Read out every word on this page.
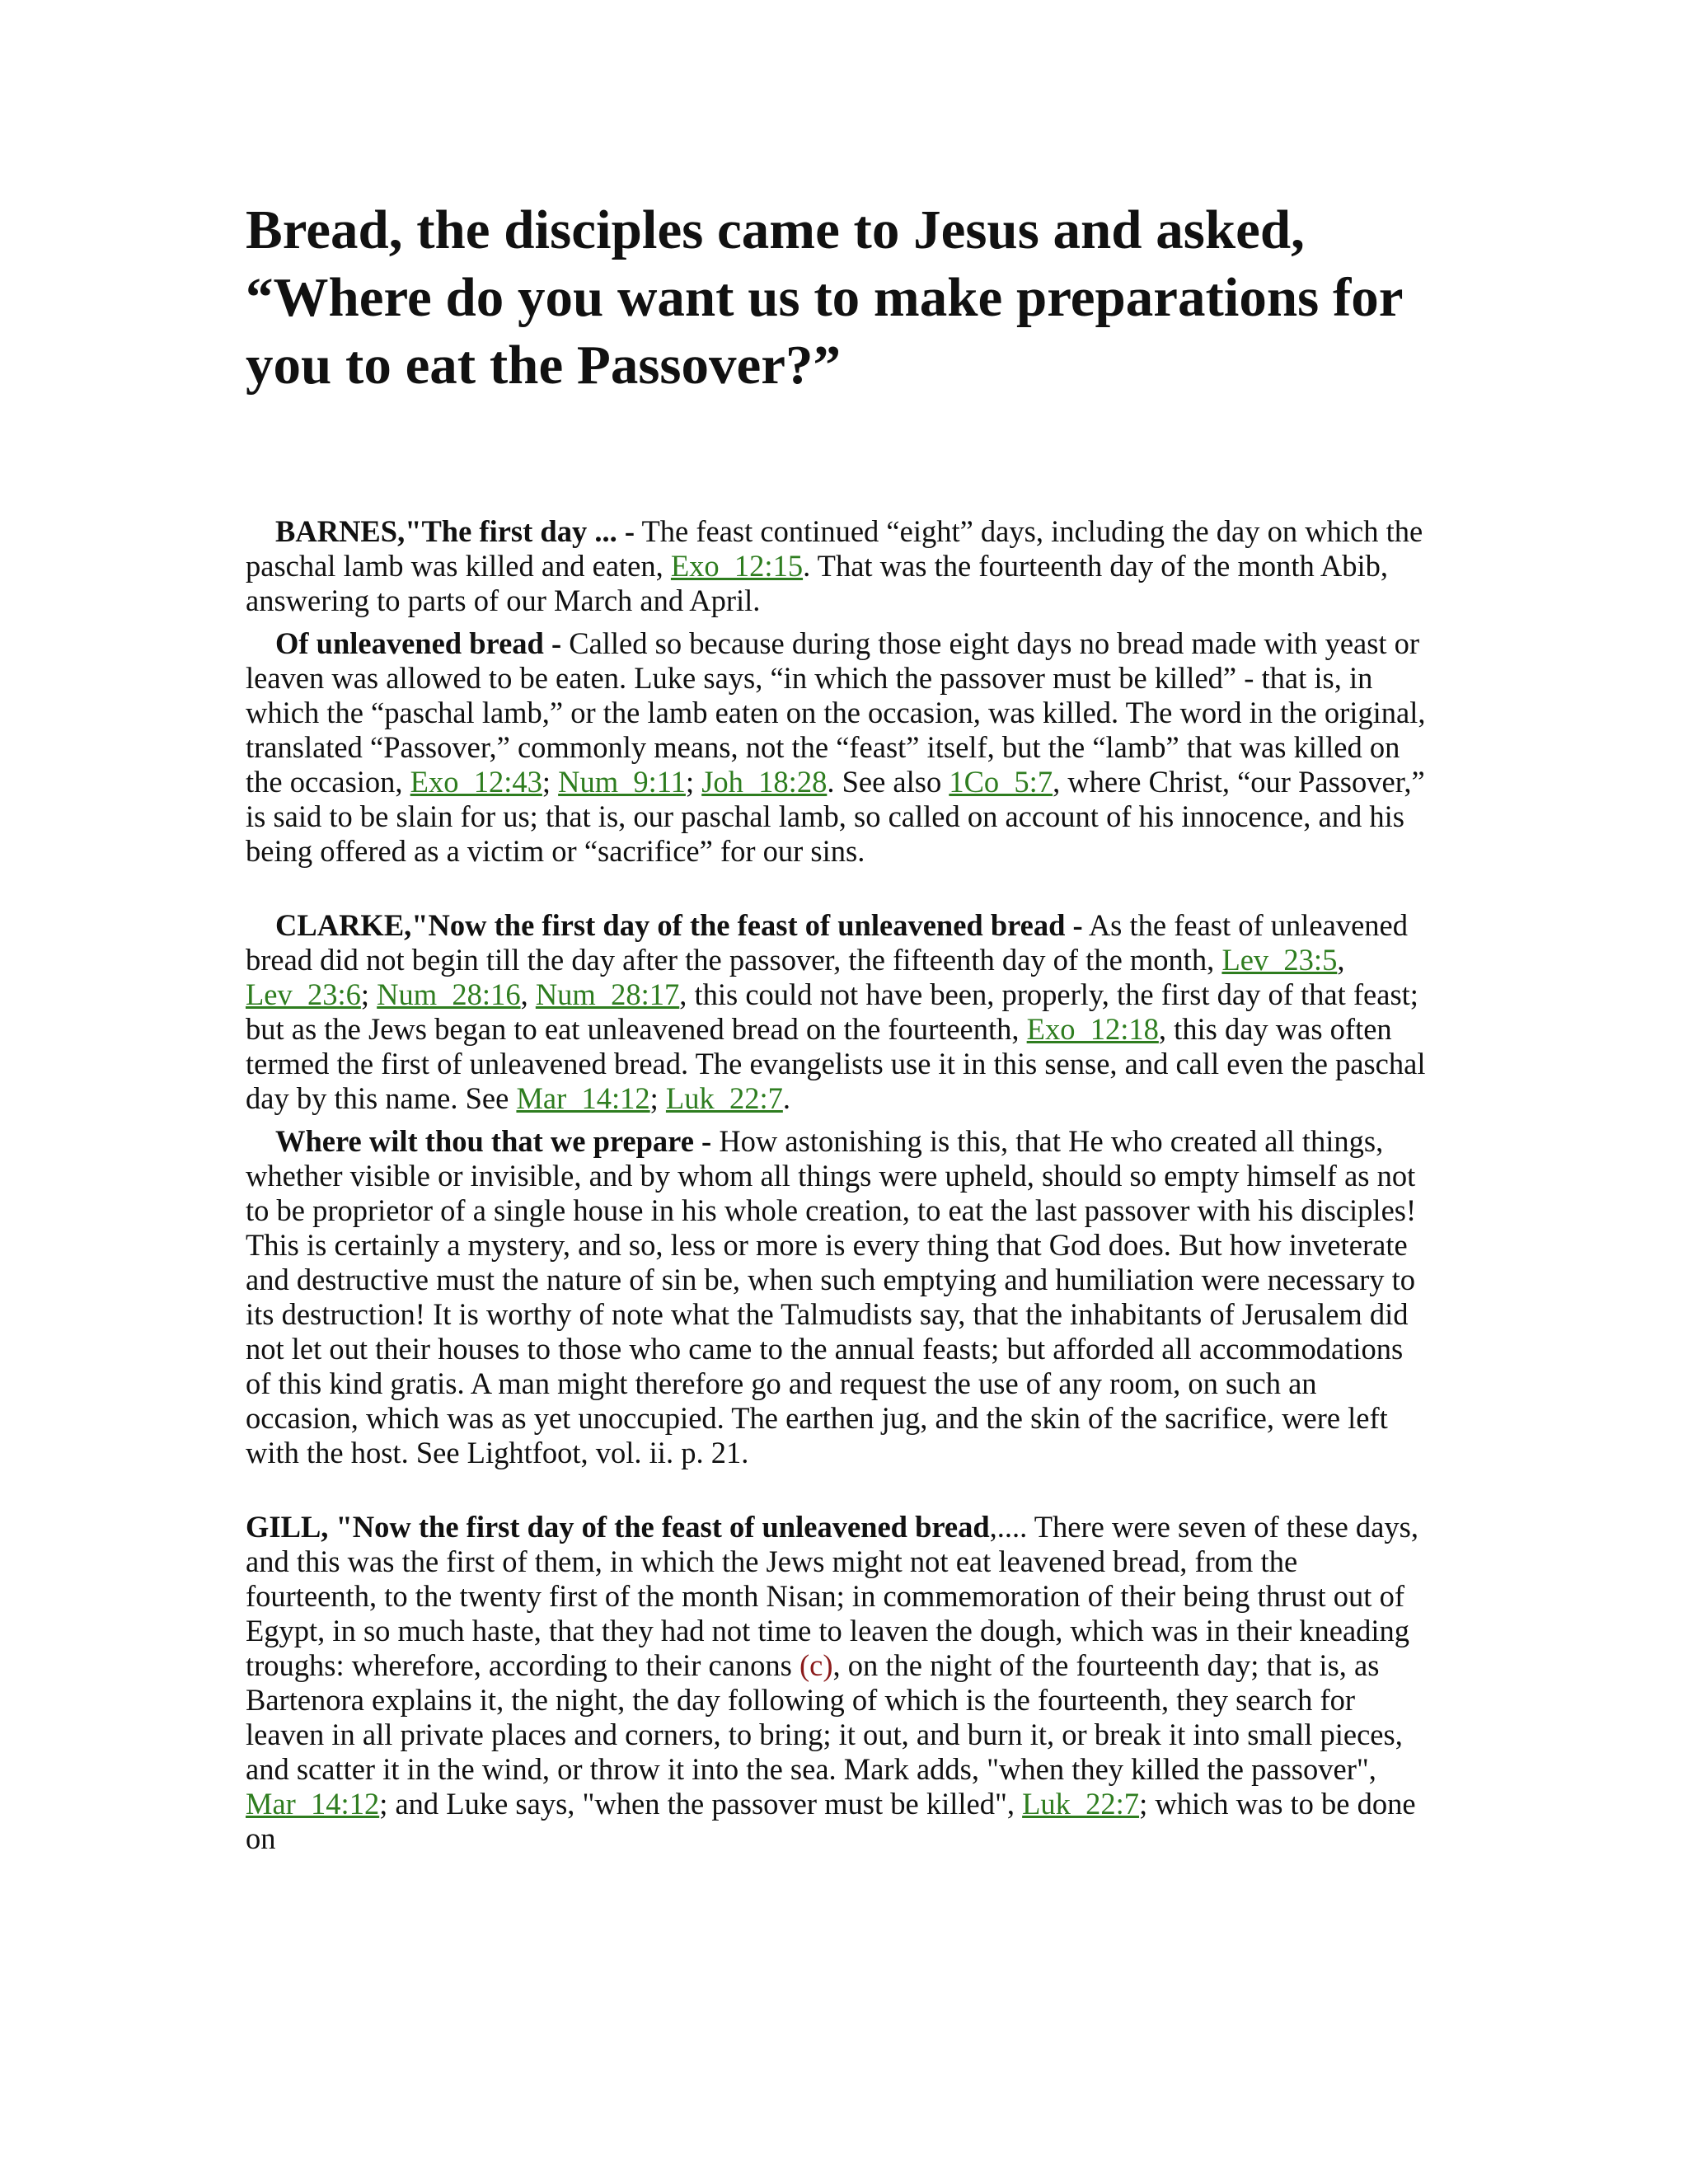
Bread, the disciples came to Jesus and asked, “Where do you want us to make preparations for you to eat the Passover?”

BARNES,"The first day ... - The feast continued “eight” days, including the day on which the paschal lamb was killed and eaten, Exo_12:15. That was the fourteenth day of the month Abib, answering to parts of our March and April.

Of unleavened bread - Called so because during those eight days no bread made with yeast or leaven was allowed to be eaten. Luke says, “in which the passover must be killed” - that is, in which the “paschal lamb,” or the lamb eaten on the occasion, was killed. The word in the original, translated “Passover,” commonly means, not the “feast” itself, but the “lamb” that was killed on the occasion, Exo_12:43; Num_9:11; Joh_18:28. See also 1Co_5:7, where Christ, “our Passover,” is said to be slain for us; that is, our paschal lamb, so called on account of his innocence, and his being offered as a victim or “sacrifice” for our sins.

CLARKE,"Now the first day of the feast of unleavened bread - As the feast of unleavened bread did not begin till the day after the passover, the fifteenth day of the month, Lev_23:5, Lev_23:6; Num_28:16, Num_28:17, this could not have been, properly, the first day of that feast; but as the Jews began to eat unleavened bread on the fourteenth, Exo_12:18, this day was often termed the first of unleavened bread. The evangelists use it in this sense, and call even the paschal day by this name. See Mar_14:12; Luk_22:7.

Where wilt thou that we prepare - How astonishing is this, that He who created all things, whether visible or invisible, and by whom all things were upheld, should so empty himself as not to be proprietor of a single house in his whole creation, to eat the last passover with his disciples! This is certainly a mystery, and so, less or more is every thing that God does. But how inveterate and destructive must the nature of sin be, when such emptying and humiliation were necessary to its destruction! It is worthy of note what the Talmudists say, that the inhabitants of Jerusalem did not let out their houses to those who came to the annual feasts; but afforded all accommodations of this kind gratis. A man might therefore go and request the use of any room, on such an occasion, which was as yet unoccupied. The earthen jug, and the skin of the sacrifice, were left with the host. See Lightfoot, vol. ii. p. 21.

GILL, "Now the first day of the feast of unleavened bread,.... There were seven of these days, and this was the first of them, in which the Jews might not eat leavened bread, from the fourteenth, to the twenty first of the month Nisan; in commemoration of their being thrust out of Egypt, in so much haste, that they had not time to leaven the dough, which was in their kneading troughs: wherefore, according to their canons (c), on the night of the fourteenth day; that is, as Bartenora explains it, the night, the day following of which is the fourteenth, they search for leaven in all private places and corners, to bring; it out, and burn it, or break it into small pieces, and scatter it in the wind, or throw it into the sea. Mark adds, "when they killed the passover", Mar_14:12; and Luke says, "when the passover must be killed", Luk_22:7; which was to be done on
